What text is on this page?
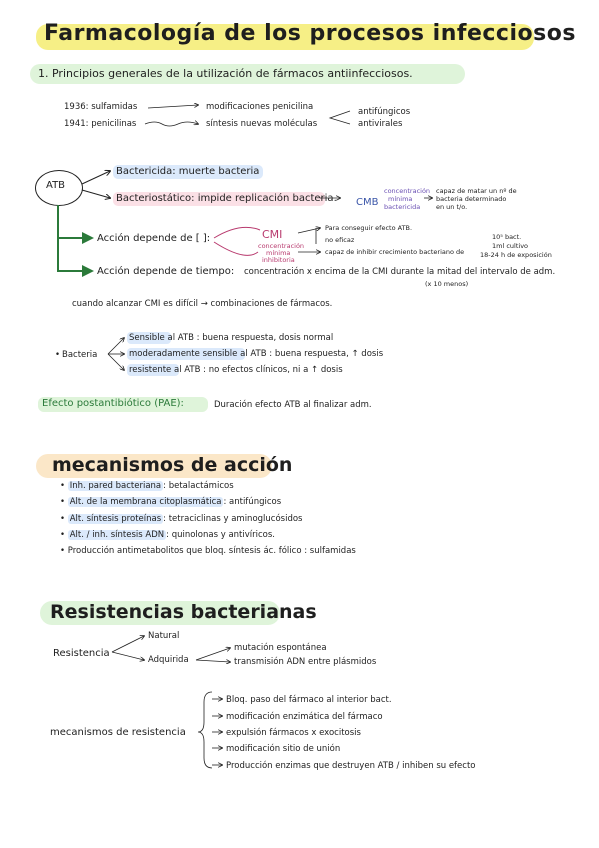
Farmacología de los procesos infecciosos
1. Principios generales de la utilización de fármacos antiinfecciosos.
1936: sulfamidas
1941: penicilinas
modificaciones penicilina
síntesis nuevas moléculas
antifúngicos
antivirales
ATB
Bactericida: muerte bacteria
Bacteriostático: impide replicación bacteria. CMB
concentración
mínima
bactericida
capaz de matar un nº de
bacteria determinado
en un t/o.
Acción depende de [ ]:	CMI
concentración
mínima
inhibitoria
Para conseguir efecto ATB.
no eficaz
capaz de inhibir crecimiento bacteriano de
10⁵ bact.
1ml cultivo
18-24 h de exposición
Acción depende de tiempo: concentración x encima de la CMI durante la mitad del intervalo de adm.
(x 10 menos)
cuando alcanzar CMI es difícil → combinaciones de fármacos.
Bacteria
•
Sensible al ATB : buena respuesta, dosis normal
moderadamente sensible al ATB : buena respuesta, ↑ dosis
resistente al ATB : no efectos clínicos, ni a ↑ dosis
Efecto postantibiótico (PAE):	Duración efecto ATB al finalizar adm.
mecanismos de acción
• Inh. pared bacteriana : betalactámicos
• Alt. de la membrana citoplasmática : antifúngicos
• Alt. síntesis proteínas : tetraciclinas y aminoglucósidos
• Alt. / inh. síntesis ADN : quinolonas y antivíricos.
• Producción antimetabolitos que bloq. síntesis ác. fólico : sulfamidas
Resistencias bacterianas
Resistencia
Natural
Adquirida
mutación espontánea
transmisión ADN entre plásmidos
mecanismos de resistencia
Bloq. paso del fármaco al interior bact.
modificación enzimática del fármaco
expulsión fármacos x exocitosis
modificación sitio de unión
Producción enzimas que destruyen ATB / inhiben su efecto
